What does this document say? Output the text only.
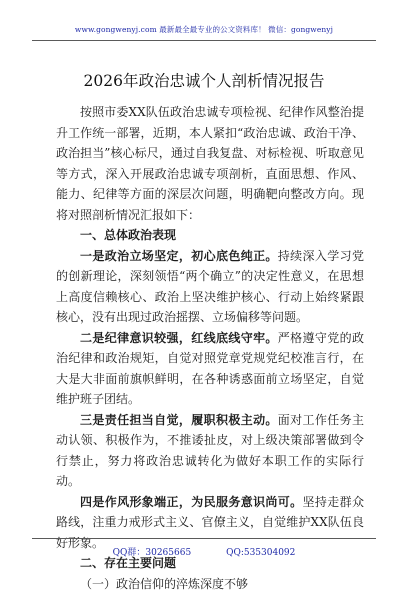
www.gongwenyj.com 最新最全最专业的公文资料库！ 微信：gongwenyj
2026年政治忠诚个人剖析情况报告

按照市委XX队伍政治忠诚专项检视、纪律作风整治提升工作统一部署，近期，本人紧扣“政治忠诚、政治干净、政治担当”核心标尺，通过自我复盘、对标检视、听取意见等方式，深入开展政治忠诚专项剖析，直面思想、作风、能力、纪律等方面的深层次问题，明确靶向整改方向。现将对照剖析情况汇报如下：

一、总体政治表现

一是政治立场坚定，初心底色纯正。持续深入学习党的创新理论，深刻领悟“两个确立”的决定性意义，在思想上高度信赖核心、政治上坚决维护核心、行动上始终紧跟核心，没有出现过政治摇摆、立场偏移等问题。

二是纪律意识较强，红线底线守牢。严格遵守党的政治纪律和政治规矩，自觉对照党章党规党纪校准言行，在大是大非面前旗帜鲜明，在各种诱惑面前立场坚定，自觉维护班子团结。

三是责任担当自觉，履职积极主动。面对工作任务主动认领、积极作为，不推诿扯皮，对上级决策部署做到令行禁止，努力将政治忠诚转化为做好本职工作的实际行动。

四是作风形象端正，为民服务意识尚可。坚持走群众路线，注重力戒形式主义、官僚主义，自觉维护XX队伍良好形象。

二、存在主要问题

（一）政治信仰的淬炼深度不够

QQ群：30265665	QQ:535304092
